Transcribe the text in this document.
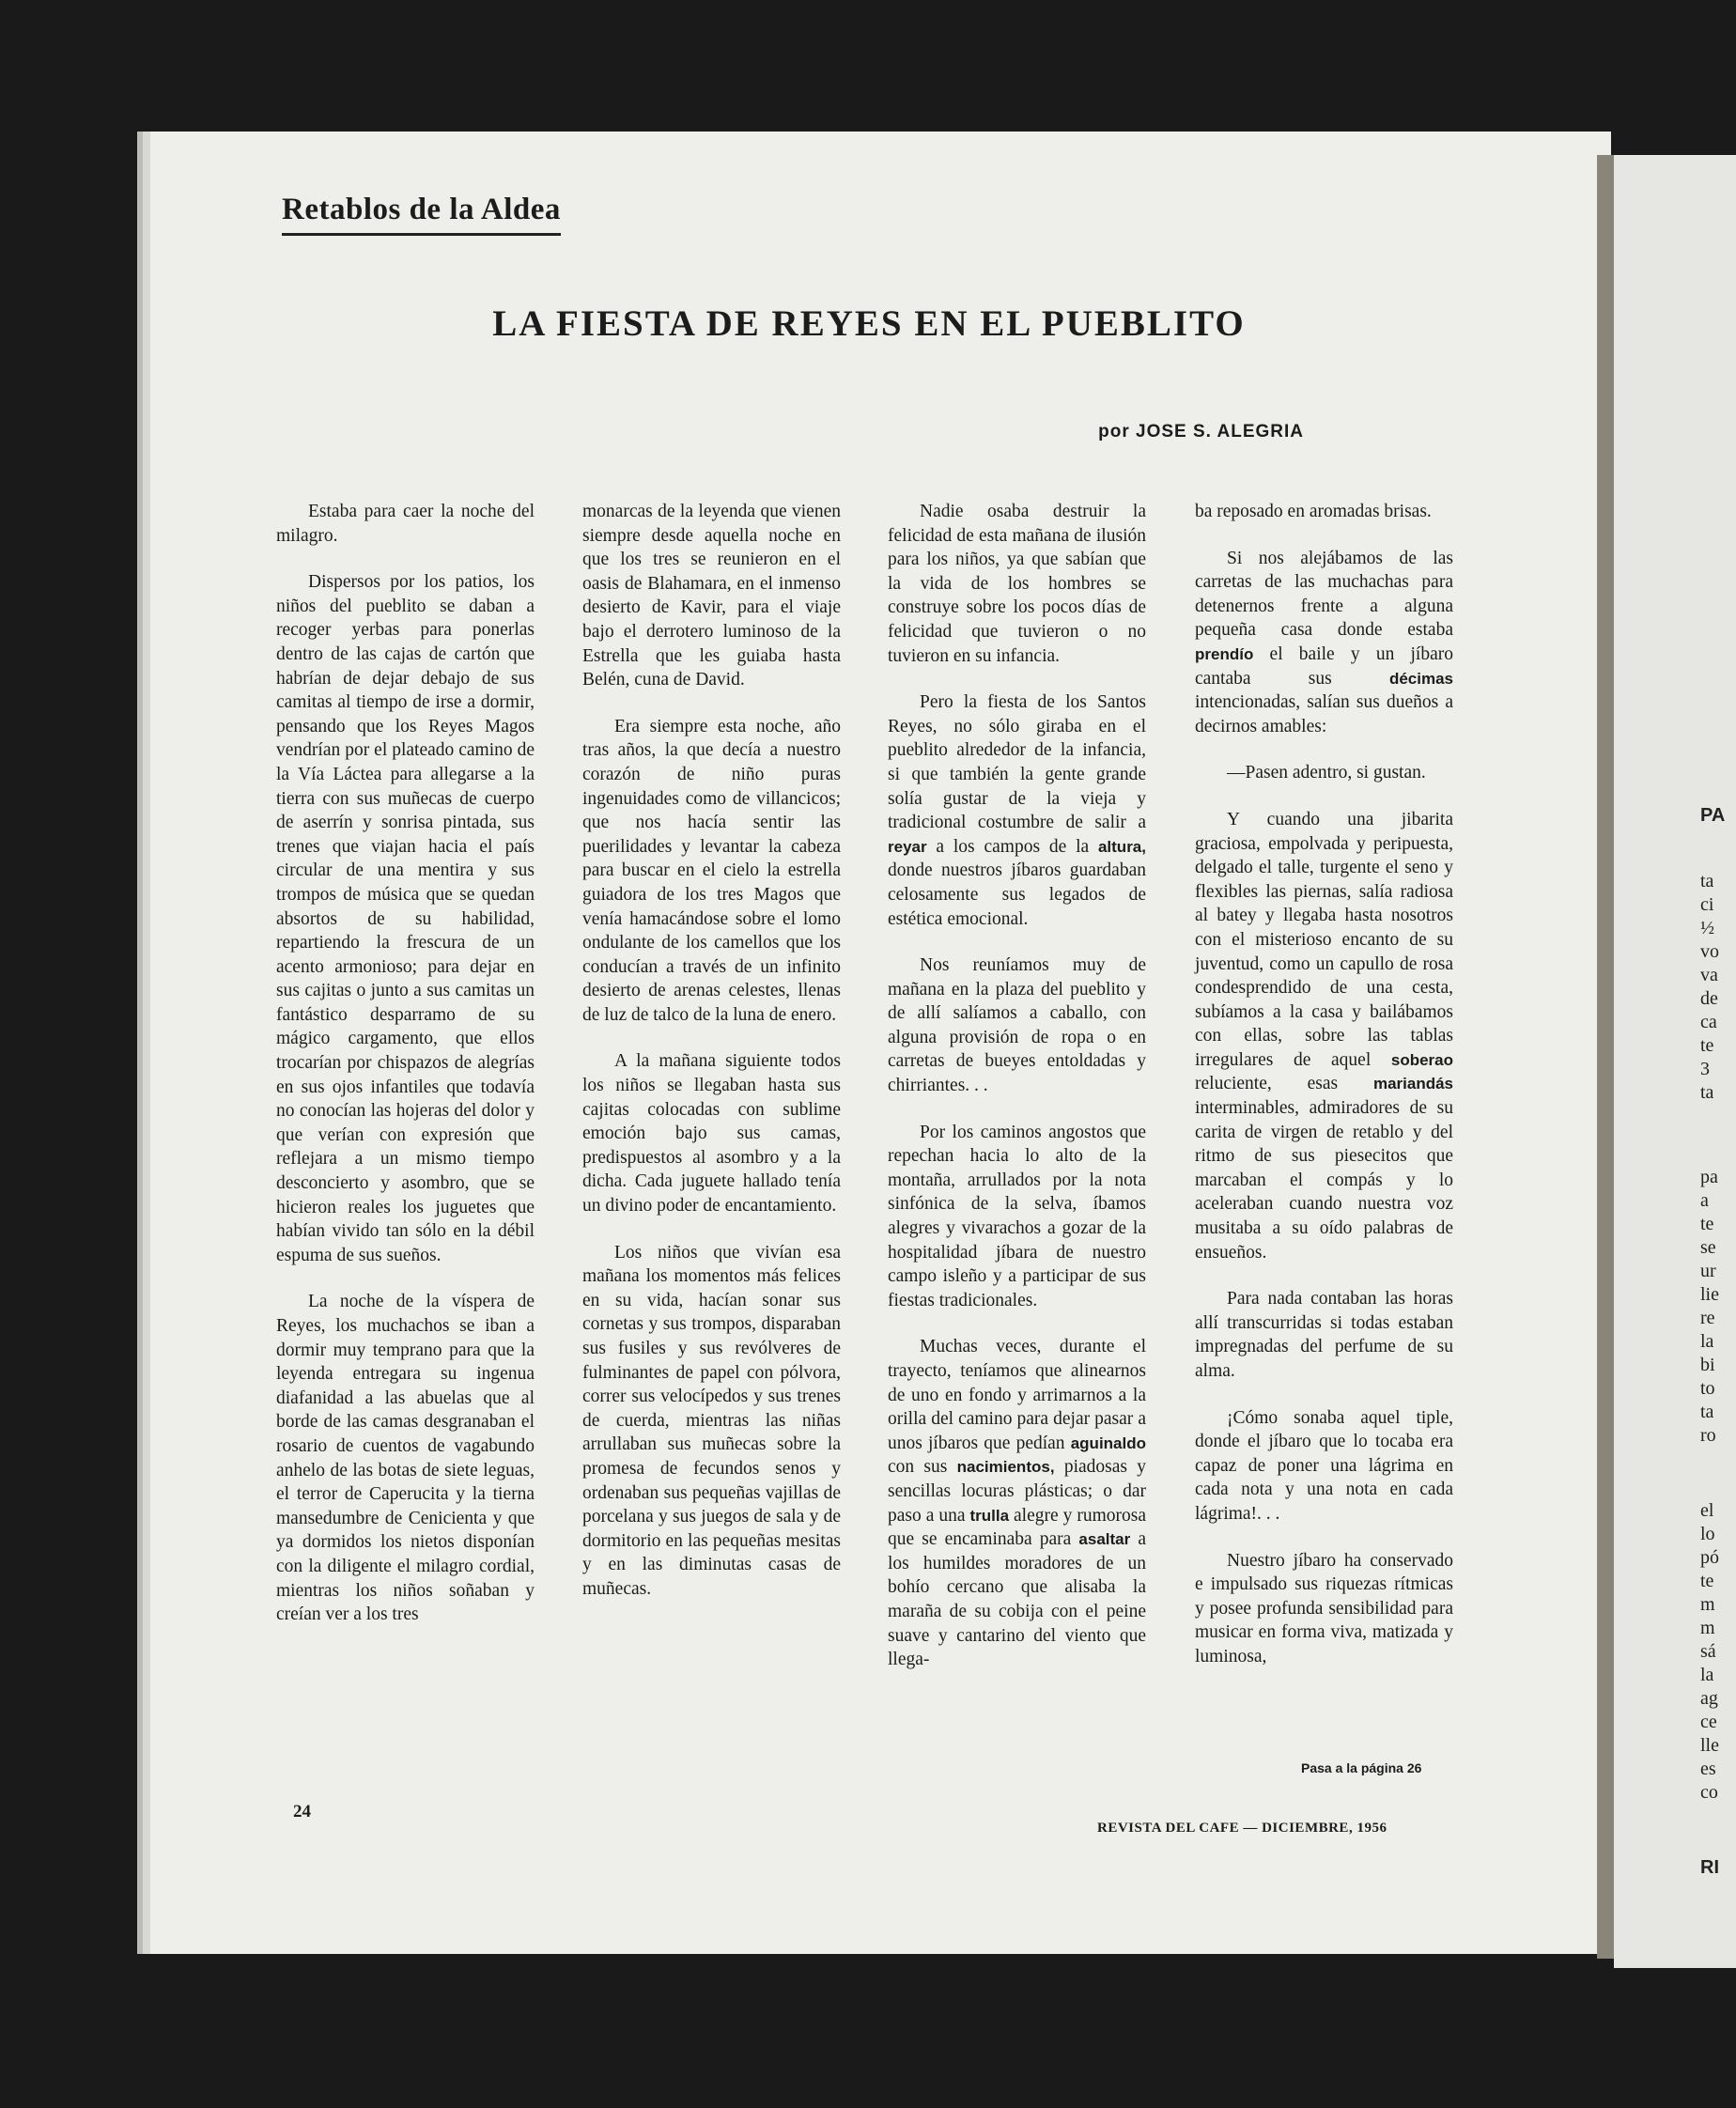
PA
ta
ci
½
vo
va
de
ca
te
3
ta
pa
a
te
se
ur
lie
re
la
bi
to
ta
ro
el
lo
pó
te
m
m
sá
la
ag
ce
lle
es
co
RI
Retablos de la Aldea
LA FIESTA DE REYES EN EL PUEBLITO
por JOSE S. ALEGRIA

Estaba para caer la noche del milagro.

Dispersos por los patios, los niños del pueblito se daban a recoger yerbas para ponerlas dentro de las cajas de cartón que habrían de dejar debajo de sus camitas al tiempo de irse a dormir, pensando que los Reyes Magos vendrían por el plateado camino de la Vía Láctea para allegarse a la tierra con sus muñecas de cuerpo de aserrín y sonrisa pintada, sus trenes que viajan hacia el país circular de una mentira y sus trompos de música que se quedan absortos de su habilidad, repartiendo la frescura de un acento armonioso; para dejar en sus cajitas o junto a sus camitas un fantástico desparramo de su mágico cargamento, que ellos trocarían por chispazos de alegrías en sus ojos infantiles que todavía no conocían las hojeras del dolor y que verían con expresión que reflejara a un mismo tiempo desconcierto y asombro, que se hicieron reales los juguetes que habían vivido tan sólo en la débil espuma de sus sueños.

La noche de la víspera de Reyes, los muchachos se iban a dormir muy temprano para que la leyenda entregara su ingenua diafanidad a las abuelas que al borde de las camas desgranaban el rosario de cuentos de vagabundo anhelo de las botas de siete leguas, el terror de Caperucita y la tierna mansedumbre de Cenicienta y que ya dormidos los nietos disponían con la diligente el milagro cordial, mientras los niños soñaban y creían ver a los tres

monarcas de la leyenda que vienen siempre desde aquella noche en que los tres se reunieron en el oasis de Blahamara, en el inmenso desierto de Kavir, para el viaje bajo el derrotero luminoso de la Estrella que les guiaba hasta Belén, cuna de David.

Era siempre esta noche, año tras años, la que decía a nuestro corazón de niño puras ingenuidades como de villancicos; que nos hacía sentir las puerilidades y levantar la cabeza para buscar en el cielo la estrella guiadora de los tres Magos que venía hamacándose sobre el lomo ondulante de los camellos que los conducían a través de un infinito desierto de arenas celestes, llenas de luz de talco de la luna de enero.

A la mañana siguiente todos los niños se llegaban hasta sus cajitas colocadas con sublime emoción bajo sus camas, predispuestos al asombro y a la dicha. Cada juguete hallado tenía un divino poder de encantamiento.

Los niños que vivían esa mañana los momentos más felices en su vida, hacían sonar sus cornetas y sus trompos, disparaban sus fusiles y sus revólveres de fulminantes de papel con pólvora, correr sus velocípedos y sus trenes de cuerda, mientras las niñas arrullaban sus muñecas sobre la promesa de fecundos senos y ordenaban sus pequeñas vajillas de porcelana y sus juegos de sala y de dormitorio en las pequeñas mesitas y en las diminutas casas de muñecas.

Nadie osaba destruir la felicidad de esta mañana de ilusión para los niños, ya que sabían que la vida de los hombres se construye sobre los pocos días de felicidad que tuvieron o no tuvieron en su infancia.

Pero la fiesta de los Santos Reyes, no sólo giraba en el pueblito alrededor de la infancia, si que también la gente grande solía gustar de la vieja y tradicional costumbre de salir a reyar a los campos de la altura, donde nuestros jíbaros guardaban celosamente sus legados de estética emocional.

Nos reuníamos muy de mañana en la plaza del pueblito y de allí salíamos a caballo, con alguna provisión de ropa o en carretas de bueyes entoldadas y chirriantes. . .

Por los caminos angostos que repechan hacia lo alto de la montaña, arrullados por la nota sinfónica de la selva, íbamos alegres y vivarachos a gozar de la hospitalidad jíbara de nuestro campo isleño y a participar de sus fiestas tradicionales.

Muchas veces, durante el trayecto, teníamos que alinearnos de uno en fondo y arrimarnos a la orilla del camino para dejar pasar a unos jíbaros que pedían aguinaldo con sus nacimientos, piadosas y sencillas locuras plásticas; o dar paso a una trulla alegre y rumorosa que se encaminaba para asaltar a los humildes moradores de un bohío cercano que alisaba la maraña de su cobija con el peine suave y cantarino del viento que llega-

ba reposado en aromadas brisas.

Si nos alejábamos de las carretas de las muchachas para detenernos frente a alguna pequeña casa donde estaba prendío el baile y un jíbaro cantaba sus décimas intencionadas, salían sus dueños a decirnos amables:

—Pasen adentro, si gustan.

Y cuando una jibarita graciosa, empolvada y peripuesta, delgado el talle, turgente el seno y flexibles las piernas, salía radiosa al batey y llegaba hasta nosotros con el misterioso encanto de su juventud, como un capullo de rosa condesprendido de una cesta, subíamos a la casa y bailábamos con ellas, sobre las tablas irregulares de aquel soberao reluciente, esas mariandás interminables, admiradores de su carita de virgen de retablo y del ritmo de sus piesecitos que marcaban el compás y lo aceleraban cuando nuestra voz musitaba a su oído palabras de ensueños.

Para nada contaban las horas allí transcurridas si todas estaban impregnadas del perfume de su alma.

¡Cómo sonaba aquel tiple, donde el jíbaro que lo tocaba era capaz de poner una lágrima en cada nota y una nota en cada lágrima!. . .

Nuestro jíbaro ha conservado e impulsado sus riquezas rítmicas y posee profunda sensibilidad para musicar en forma viva, matizada y luminosa,

Pasa a la página 26
24
REVISTA DEL CAFE — DICIEMBRE, 1956
